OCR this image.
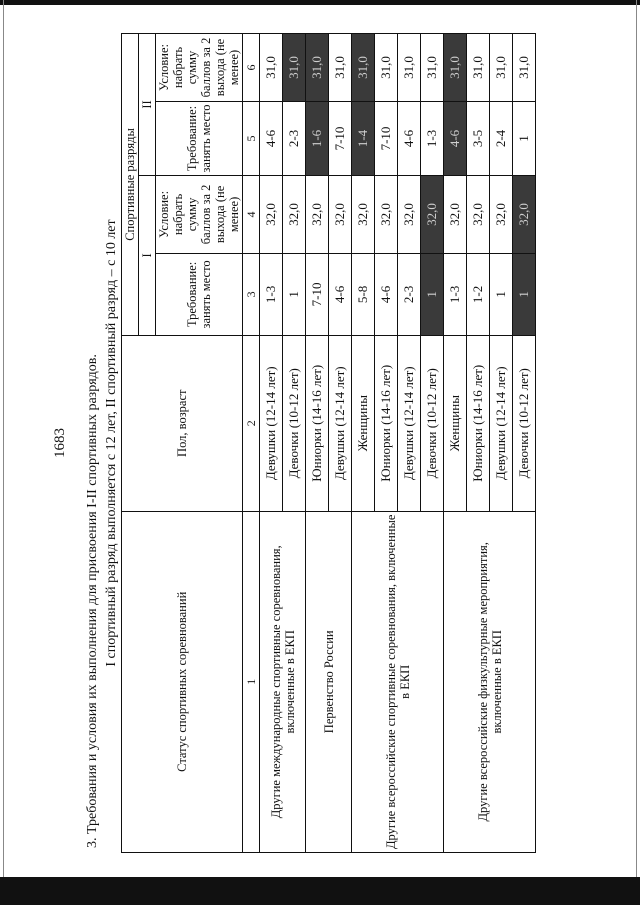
1683 3. Требования и условия их выполнения для присвоения I-II спортивных разрядов. I спортивный разряд выполняется с 12 лет, II спортивный разряд – с 10 лет
Статус спортивных соревнований	Пол, возраст	Спортивные разряды			
		I		II	
		Требование: занять место	Условие: набрать сумму баллов за 2 выхода (не менее)	Требование: занять место	Условие: набрать сумму баллов за 2 выхода (не менее)
1	2	3	4	5	6
Другие международные спортивные соревнования, включенные в ЕКП	Девушки (12-14 лет)	1-3	32,0	4-6	31,0
	Девочки (10-12 лет)	1	32,0	2-3	31,0
Первенство России	Юниорки (14-16 лет)	7-10	32,0	1-6	31,0
	Девушки (12-14 лет)	4-6	32,0	7-10	31,0
Другие всероссийские спортивные соревнования, включенные в ЕКП	Женщины	5-8	32,0	1-4	31,0
	Юниорки (14-16 лет)	4-6	32,0	7-10	31,0
	Девушки (12-14 лет)	2-3	32,0	4-6	31,0
	Девочки (10-12 лет)	1	32,0	1-3	31,0
Другие всероссийские физкультурные мероприятия, включенные в ЕКП	Женщины	1-3	32,0	4-6	31,0
	Юниорки (14-16 лет)	1-2	32,0	3-5	31,0
	Девушки (12-14 лет)	1	32,0	2-4	31,0
	Девочки (10-12 лет)	1	32,0	1	31,0
